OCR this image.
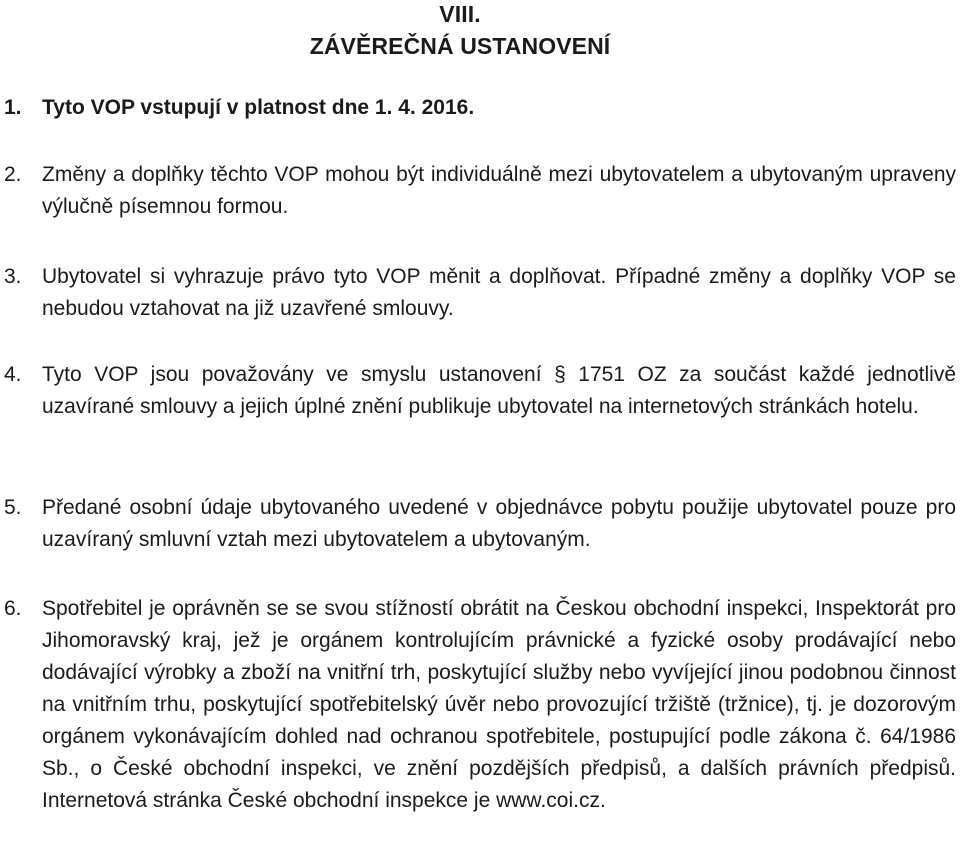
VIII.
ZÁVĚREČNÁ USTANOVENÍ
1. Tyto VOP vstupují v platnost dne 1. 4. 2016.
2. Změny a doplňky těchto VOP mohou být individuálně mezi ubytovatelem a ubytovaným upraveny výlučně písemnou formou.
3. Ubytovatel si vyhrazuje právo tyto VOP měnit a doplňovat. Případné změny a doplňky VOP se nebudou vztahovat na již uzavřené smlouvy.
4. Tyto VOP jsou považovány ve smyslu ustanovení § 1751 OZ za součást každé jednotlivě uzavírané smlouvy a jejich úplné znění publikuje ubytovatel na internetových stránkách hotelu.
5. Předané osobní údaje ubytovaného uvedené v objednávce pobytu použije ubytovatel pouze pro uzavíraný smluvní vztah mezi ubytovatelem a ubytovaným.
6. Spotřebitel je oprávněn se se svou stížností obrátit na Českou obchodní inspekci, Inspektorát pro Jihomoravský kraj, jež je orgánem kontrolujícím právnické a fyzické osoby prodávající nebo dodávající výrobky a zboží na vnitřní trh, poskytující služby nebo vyvíjející jinou podobnou činnost na vnitřním trhu, poskytující spotřebitelský úvěr nebo provozující tržiště (tržnice), tj. je dozorovým orgánem vykonávajícím dohled nad ochranou spotřebitele, postupující podle zákona č. 64/1986 Sb., o České obchodní inspekci, ve znění pozdějších předpisů, a dalších právních předpisů. Internetová stránka České obchodní inspekce je www.coi.cz.
